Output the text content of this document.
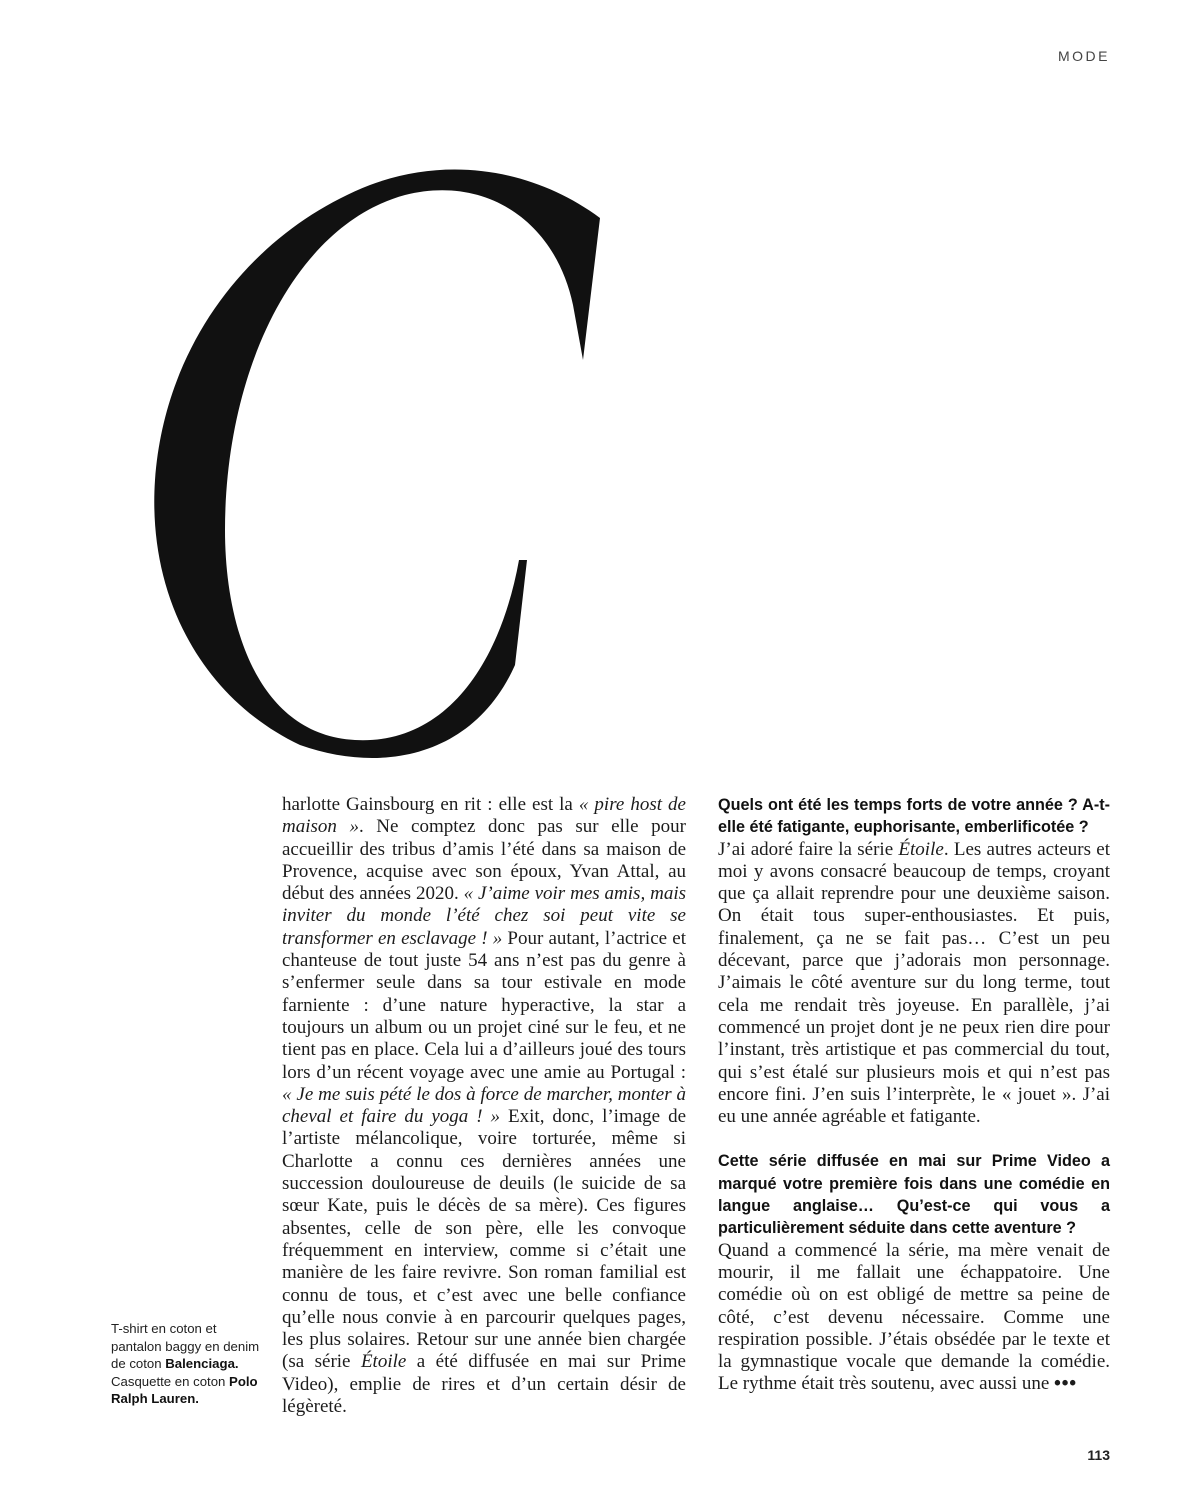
MODE

harlotte Gainsbourg en rit : elle est la « pire host de maison ». Ne comptez donc pas sur elle pour accueillir des tribus d’amis l’été dans sa maison de Provence, acquise avec son époux, Yvan Attal, au début des années 2020. « J’aime voir mes amis, mais inviter du monde l’été chez soi peut vite se transformer en esclavage ! » Pour autant, l’actrice et chanteuse de tout juste 54 ans n’est pas du genre à s’enfermer seule dans sa tour estivale en mode farniente : d’une nature hyperactive, la star a toujours un album ou un projet ciné sur le feu, et ne tient pas en place. Cela lui a d’ailleurs joué des tours lors d’un récent voyage avec une amie au Portugal : « Je me suis pété le dos à force de marcher, monter à cheval et faire du yoga ! » Exit, donc, l’image de l’artiste mélancolique, voire torturée, même si Charlotte a connu ces dernières années une succession douloureuse de deuils (le suicide de sa sœur Kate, puis le décès de sa mère). Ces figures absentes, celle de son père, elle les convoque fréquemment en interview, comme si c’était une manière de les faire revivre. Son roman familial est connu de tous, et c’est avec une belle confiance qu’elle nous convie à en parcourir quelques pages, les plus solaires. Retour sur une année bien chargée (sa série Étoile a été diffusée en mai sur Prime Video), emplie de rires et d’un certain désir de légèreté.

Quels ont été les temps forts de votre année ? A-t-elle été fatigante, euphorisante, emberlificotée ?

J’ai adoré faire la série Étoile. Les autres acteurs et moi y avons consacré beaucoup de temps, croyant que ça allait reprendre pour une deuxième saison. On était tous super-enthousiastes. Et puis, finalement, ça ne se fait pas… C’est un peu décevant, parce que j’adorais mon personnage. J’aimais le côté aventure sur du long terme, tout cela me rendait très joyeuse. En parallèle, j’ai commencé un projet dont je ne peux rien dire pour l’instant, très artistique et pas commercial du tout, qui s’est étalé sur plusieurs mois et qui n’est pas encore fini. J’en suis l’interprète, le « jouet ». J’ai eu une année agréable et fatigante.

Cette série diffusée en mai sur Prime Video a marqué votre première fois dans une comédie en langue anglaise… Qu’est-ce qui vous a particulièrement séduite dans cette aventure ?

Quand a commencé la série, ma mère venait de mourir, il me fallait une échappatoire. Une comédie où on est obligé de mettre sa peine de côté, c’est devenu nécessaire. Comme une respiration possible. J’étais obsédée par le texte et la gymnastique vocale que demande la comédie. Le rythme était très soutenu, avec aussi une •••

T-shirt en coton et pantalon baggy en denim de coton Balenciaga. Casquette en coton Polo Ralph Lauren.
113
